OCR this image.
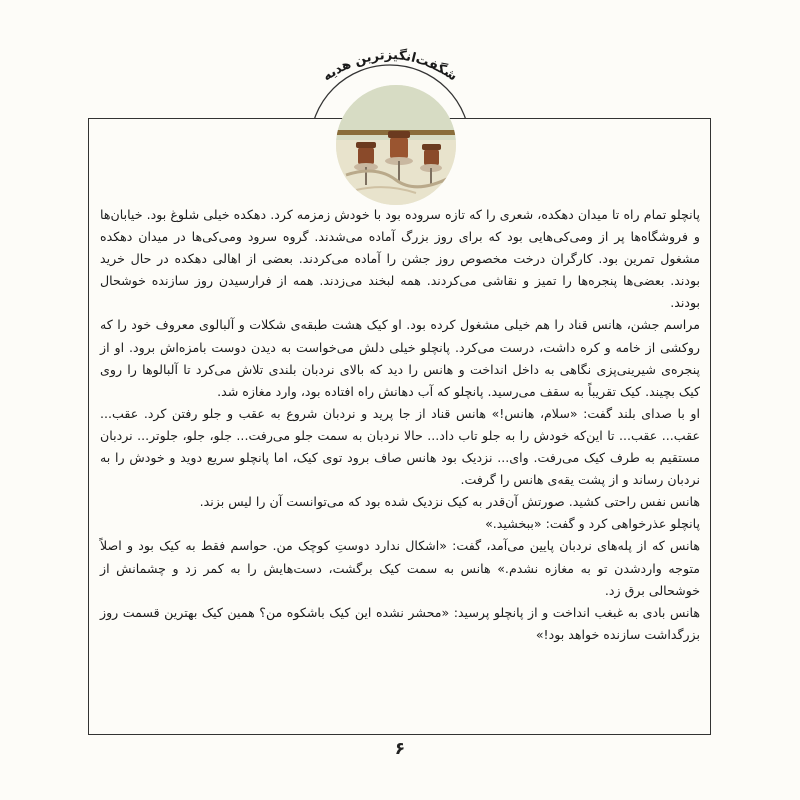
شگفت‌انگیزترین هدیه

پانچلو تمام راه تا میدان دهکده، شعری را که تازه سروده بود با خودش زمزمه کرد. دهکده خیلی شلوغ بود. خیابان‌ها و فروشگاه‌ها پر از ومی‌کی‌هایی بود که برای روز بزرگ آماده می‌شدند. گروه سرود ومی‌کی‌ها در میدان دهکده مشغول تمرین بود. کارگران درخت مخصوص روز جشن را آماده می‌کردند. بعضی از اهالی دهکده در حال خرید بودند. بعضی‌ها پنجره‌ها را تمیز و نقاشی می‌کردند. همه لبخند می‌زدند. همه از فرارسیدن روز سازنده خوشحال بودند.

مراسم جشن، هانس قناد را هم خیلی مشغول کرده بود. او کیک هشت طبقه‌ی شکلات و آلبالوی معروف خود را که روکشی از خامه و کره داشت، درست می‌کرد. پانچلو خیلی دلش می‌خواست به دیدن دوست بامزه‌اش برود. او از پنجره‌ی شیرینی‌پزی نگاهی به داخل انداخت و هانس را دید که بالای نردبان بلندی تلاش می‌کرد تا آلبالوها را روی کیک بچیند. کیک تقریباً به سقف می‌رسید. پانچلو که آب دهانش راه افتاده بود، وارد مغازه شد.

او با صدای بلند گفت: «سلام، هانس!» هانس قناد از جا پرید و نردبان شروع به عقب و جلو رفتن کرد. عقب... عقب... عقب... تا این‌که خودش را به جلو تاب داد... حالا نردبان به سمت جلو می‌رفت... جلو، جلو، جلوتر... نردبان مستقیم به طرف کیک می‌رفت. وای... نزدیک بود هانس صاف برود توی کیک، اما پانچلو سریع دوید و خودش را به نردبان رساند و از پشت یقه‌ی هانس را گرفت.

هانس نفس راحتی کشید. صورتش آن‌قدر به کیک نزدیک شده بود که می‌توانست آن را لیس بزند.

پانچلو عذرخواهی کرد و گفت: «ببخشید.»

هانس که از پله‌های نردبان پایین می‌آمد، گفت: «اشکال ندارد دوستِ کوچک من. حواسم فقط به کیک بود و اصلاً متوجه واردشدن تو به مغازه نشدم.» هانس به سمت کیک برگشت، دست‌هایش را به کمر زد و چشمانش از خوشحالی برق زد.

هانس بادی به غبغب انداخت و از پانچلو پرسید: «محشر نشده این کیک باشکوه من؟ همین کیک بهترین قسمت روز بزرگداشت سازنده خواهد بود!»

۶
